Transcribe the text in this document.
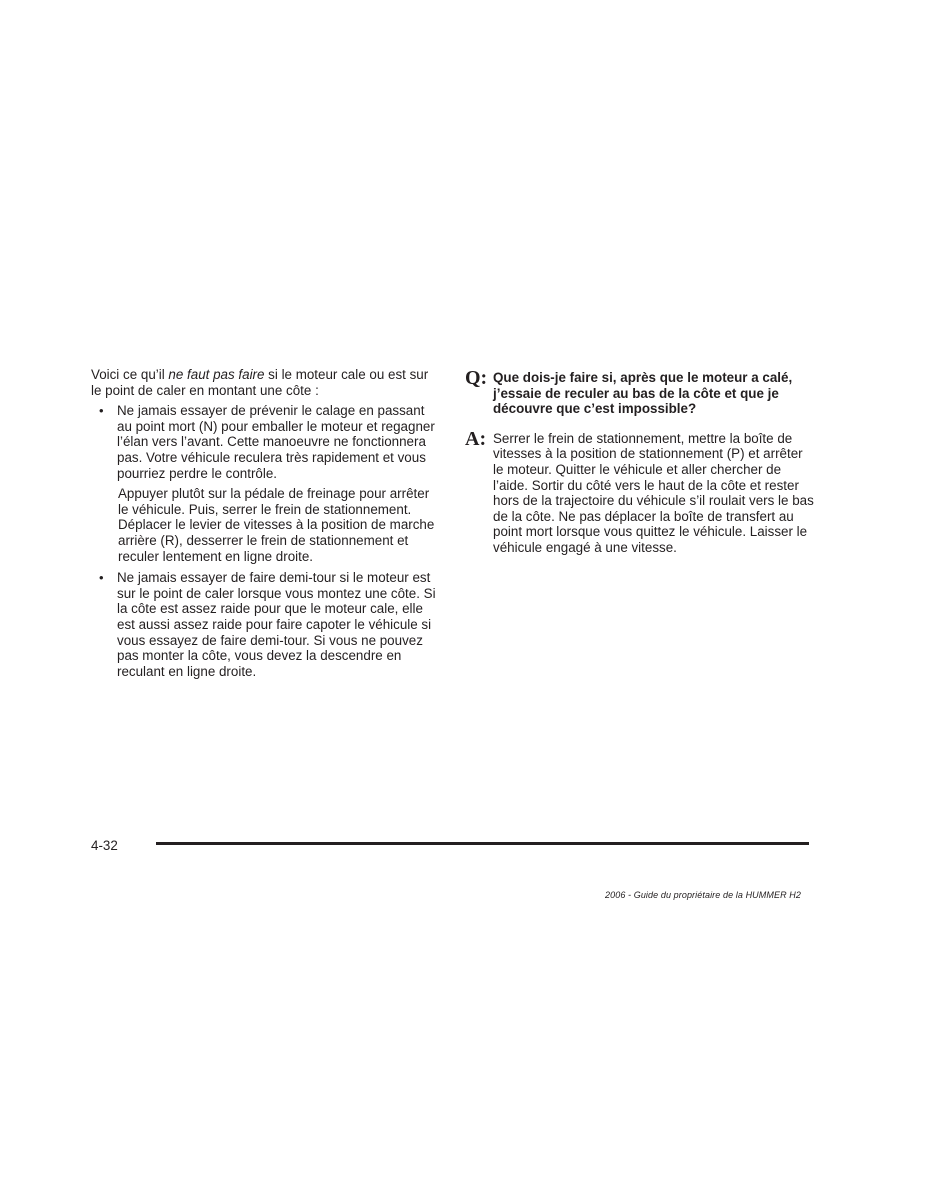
Voici ce qu’il ne faut pas faire si le moteur cale ou est sur le point de caler en montant une côte :

• Ne jamais essayer de prévenir le calage en passant au point mort (N) pour emballer le moteur et regagner l’élan vers l’avant. Cette manoeuvre ne fonctionnera pas. Votre véhicule reculera très rapidement et vous pourriez perdre le contrôle.

Appuyer plutôt sur la pédale de freinage pour arrêter le véhicule. Puis, serrer le frein de stationnement. Déplacer le levier de vitesses à la position de marche arrière (R), desserrer le frein de stationnement et reculer lentement en ligne droite.

• Ne jamais essayer de faire demi-tour si le moteur est sur le point de caler lorsque vous montez une côte. Si la côte est assez raide pour que le moteur cale, elle est aussi assez raide pour faire capoter le véhicule si vous essayez de faire demi-tour. Si vous ne pouvez pas monter la côte, vous devez la descendre en reculant en ligne droite.

Q: Que dois-je faire si, après que le moteur a calé, j’essaie de reculer au bas de la côte et que je découvre que c’est impossible?

A: Serrer le frein de stationnement, mettre la boîte de vitesses à la position de stationnement (P) et arrêter le moteur. Quitter le véhicule et aller chercher de l’aide. Sortir du côté vers le haut de la côte et rester hors de la trajectoire du véhicule s’il roulait vers le bas de la côte. Ne pas déplacer la boîte de transfert au point mort lorsque vous quittez le véhicule. Laisser le véhicule engagé à une vitesse.

4-32
2006 - Guide du propriétaire de la HUMMER H2
